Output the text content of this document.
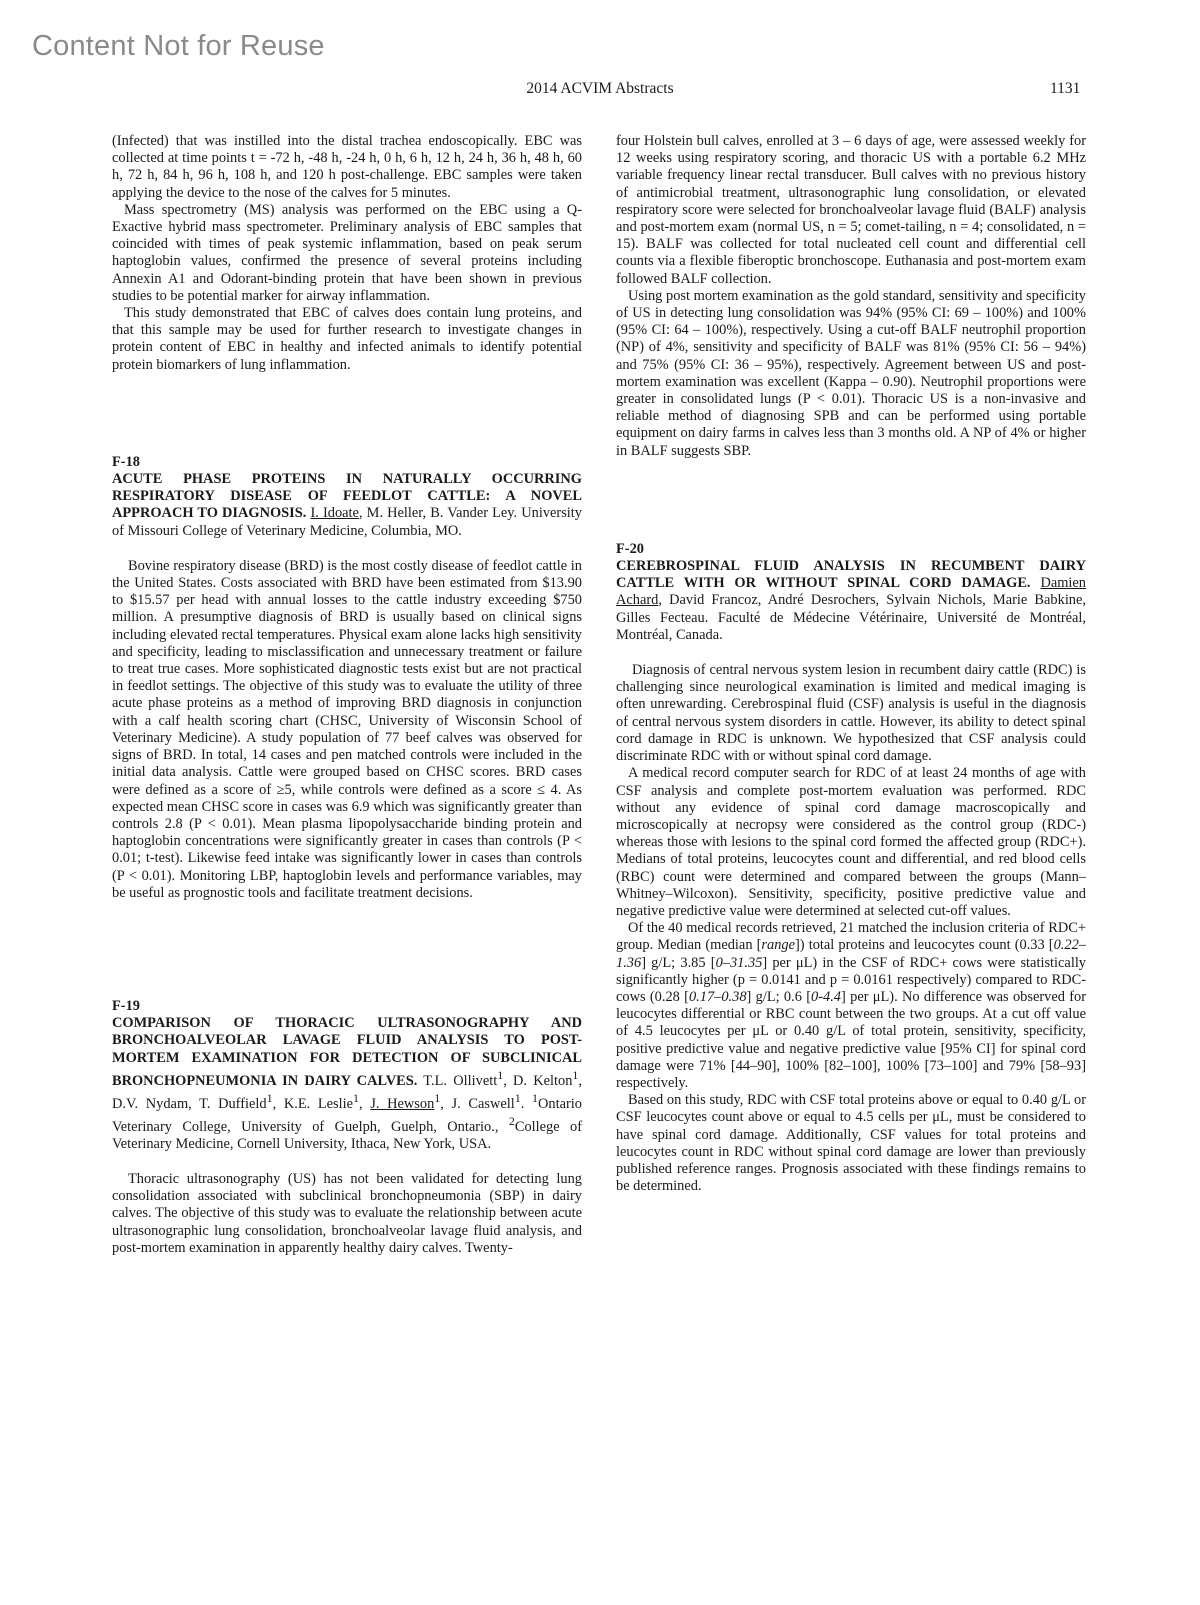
Content Not for Reuse
2014 ACVIM Abstracts	1131

(Infected) that was instilled into the distal trachea endoscopically. EBC was collected at time points t = -72 h, -48 h, -24 h, 0 h, 6 h, 12 h, 24 h, 36 h, 48 h, 60 h, 72 h, 84 h, 96 h, 108 h, and 120 h post-challenge. EBC samples were taken applying the device to the nose of the calves for 5 minutes.

Mass spectrometry (MS) analysis was performed on the EBC using a Q-Exactive hybrid mass spectrometer. Preliminary analysis of EBC samples that coincided with times of peak systemic inflammation, based on peak serum haptoglobin values, confirmed the presence of several proteins including Annexin A1 and Odorant-binding protein that have been shown in previous studies to be potential marker for airway inflammation.

This study demonstrated that EBC of calves does contain lung proteins, and that this sample may be used for further research to investigate changes in protein content of EBC in healthy and infected animals to identify potential protein biomarkers of lung inflammation.

F-18

ACUTE PHASE PROTEINS IN NATURALLY OCCURRING RESPIRATORY DISEASE OF FEEDLOT CATTLE: A NOVEL APPROACH TO DIAGNOSIS. I. Idoate, M. Heller, B. Vander Ley. University of Missouri College of Veterinary Medicine, Columbia, MO.

Bovine respiratory disease (BRD) is the most costly disease of feedlot cattle in the United States. Costs associated with BRD have been estimated from $13.90 to $15.57 per head with annual losses to the cattle industry exceeding $750 million. A presumptive diagnosis of BRD is usually based on clinical signs including elevated rectal temperatures. Physical exam alone lacks high sensitivity and specificity, leading to misclassification and unnecessary treatment or failure to treat true cases. More sophisticated diagnostic tests exist but are not practical in feedlot settings. The objective of this study was to evaluate the utility of three acute phase proteins as a method of improving BRD diagnosis in conjunction with a calf health scoring chart (CHSC, University of Wisconsin School of Veterinary Medicine). A study population of 77 beef calves was observed for signs of BRD. In total, 14 cases and pen matched controls were included in the initial data analysis. Cattle were grouped based on CHSC scores. BRD cases were defined as a score of ≥5, while controls were defined as a score ≤ 4. As expected mean CHSC score in cases was 6.9 which was significantly greater than controls 2.8 (P < 0.01). Mean plasma lipopolysaccharide binding protein and haptoglobin concentrations were significantly greater in cases than controls (P < 0.01; t-test). Likewise feed intake was significantly lower in cases than controls (P < 0.01). Monitoring LBP, haptoglobin levels and performance variables, may be useful as prognostic tools and facilitate treatment decisions.

F-19

COMPARISON OF THORACIC ULTRASONOGRAPHY AND BRONCHOALVEOLAR LAVAGE FLUID ANALYSIS TO POST-MORTEM EXAMINATION FOR DETECTION OF SUBCLINICAL BRONCHOPNEUMONIA IN DAIRY CALVES. T.L. Ollivett$^1$, D. Kelton$^1$, D.V. Nydam, T. Duffield$^1$, K.E. Leslie$^1$, J. Hewson$^1$, J. Caswell$^1$. $^1$Ontario Veterinary College, University of Guelph, Guelph, Ontario., $^2$College of Veterinary Medicine, Cornell University, Ithaca, New York, USA.

Thoracic ultrasonography (US) has not been validated for detecting lung consolidation associated with subclinical bronchopneumonia (SBP) in dairy calves. The objective of this study was to evaluate the relationship between acute ultrasonographic lung consolidation, bronchoalveolar lavage fluid analysis, and post-mortem examination in apparently healthy dairy calves. Twenty-

four Holstein bull calves, enrolled at 3 – 6 days of age, were assessed weekly for 12 weeks using respiratory scoring, and thoracic US with a portable 6.2 MHz variable frequency linear rectal transducer. Bull calves with no previous history of antimicrobial treatment, ultrasonographic lung consolidation, or elevated respiratory score were selected for bronchoalveolar lavage fluid (BALF) analysis and post-mortem exam (normal US, n = 5; comet-tailing, n = 4; consolidated, n = 15). BALF was collected for total nucleated cell count and differential cell counts via a flexible fiberoptic bronchoscope. Euthanasia and post-mortem exam followed BALF collection.

Using post mortem examination as the gold standard, sensitivity and specificity of US in detecting lung consolidation was 94% (95% CI: 69 – 100%) and 100% (95% CI: 64 – 100%), respectively. Using a cut-off BALF neutrophil proportion (NP) of 4%, sensitivity and specificity of BALF was 81% (95% CI: 56 – 94%) and 75% (95% CI: 36 – 95%), respectively. Agreement between US and post-mortem examination was excellent (Kappa – 0.90). Neutrophil proportions were greater in consolidated lungs (P < 0.01). Thoracic US is a non-invasive and reliable method of diagnosing SPB and can be performed using portable equipment on dairy farms in calves less than 3 months old. A NP of 4% or higher in BALF suggests SBP.

F-20

CEREBROSPINAL FLUID ANALYSIS IN RECUMBENT DAIRY CATTLE WITH OR WITHOUT SPINAL CORD DAMAGE. Damien Achard, David Francoz, André Desrochers, Sylvain Nichols, Marie Babkine, Gilles Fecteau. Faculté de Médecine Vétérinaire, Université de Montréal, Montréal, Canada.

Diagnosis of central nervous system lesion in recumbent dairy cattle (RDC) is challenging since neurological examination is limited and medical imaging is often unrewarding. Cerebrospinal fluid (CSF) analysis is useful in the diagnosis of central nervous system disorders in cattle. However, its ability to detect spinal cord damage in RDC is unknown. We hypothesized that CSF analysis could discriminate RDC with or without spinal cord damage.

A medical record computer search for RDC of at least 24 months of age with CSF analysis and complete post-mortem evaluation was performed. RDC without any evidence of spinal cord damage macroscopically and microscopically at necropsy were considered as the control group (RDC-) whereas those with lesions to the spinal cord formed the affected group (RDC+). Medians of total proteins, leucocytes count and differential, and red blood cells (RBC) count were determined and compared between the groups (Mann–Whitney–Wilcoxon). Sensitivity, specificity, positive predictive value and negative predictive value were determined at selected cut-off values.

Of the 40 medical records retrieved, 21 matched the inclusion criteria of RDC+ group. Median (median [range]) total proteins and leucocytes count (0.33 [0.22–1.36] g/L; 3.85 [0–31.35] per μL) in the CSF of RDC+ cows were statistically significantly higher (p = 0.0141 and p = 0.0161 respectively) compared to RDC- cows (0.28 [0.17–0.38] g/L; 0.6 [0-4.4] per μL). No difference was observed for leucocytes differential or RBC count between the two groups. At a cut off value of 4.5 leucocytes per μL or 0.40 g/L of total protein, sensitivity, specificity, positive predictive value and negative predictive value [95% CI] for spinal cord damage were 71% [44–90], 100% [82–100], 100% [73–100] and 79% [58–93] respectively.

Based on this study, RDC with CSF total proteins above or equal to 0.40 g/L or CSF leucocytes count above or equal to 4.5 cells per μL, must be considered to have spinal cord damage. Additionally, CSF values for total proteins and leucocytes count in RDC without spinal cord damage are lower than previously published reference ranges. Prognosis associated with these findings remains to be determined.
